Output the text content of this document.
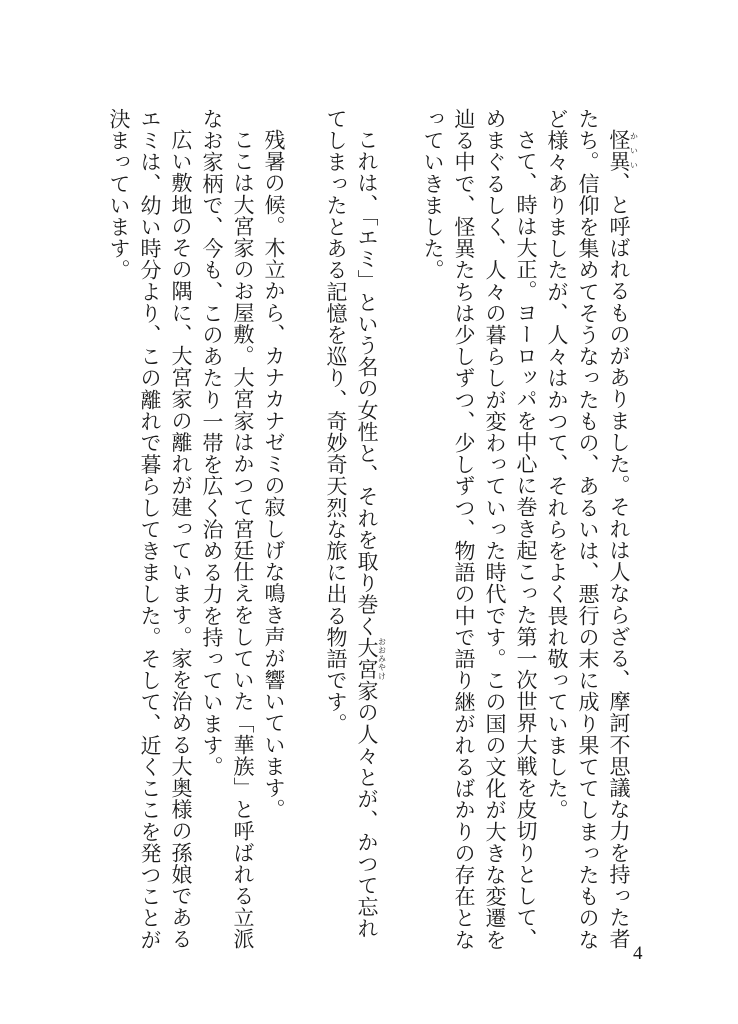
怪異かいい、と呼ばれるものがありました。それは人ならざる、摩訶不思議な力を持った者たち。信仰を集めてそうなったもの、あるいは、悪行の末に成り果ててしまったものなど様々ありましたが、人々はかつて、それらをよく畏れ敬っていました。

さて、時は大正。ヨーロッパを中心に巻き起こった第一次世界大戦を皮切りとして、めまぐるしく、人々の暮らしが変わっていった時代です。この国の文化が大きな変遷を辿る中で、怪異たちは少しずつ、少しずつ、物語の中で語り継がれるばかりの存在となっていきました。

これは、「エミ」という名の女性と、それを取り巻く大宮おおみやけ家の人々とが、かつて忘れてしまったとある記憶を巡り、奇妙奇天烈な旅に出る物語です。

残暑の候。木立から、カナカナゼミの寂しげな鳴き声が響いています。

ここは大宮家のお屋敷。大宮家はかつて宮廷仕えをしていた「華族」と呼ばれる立派なお家柄で、今も、このあたり一帯を広く治める力を持っています。

広い敷地のその隅に、大宮家の離れが建っています。家を治める大奥様の孫娘であるエミは、幼い時分より、この離れで暮らしてきました。そして、近くここを発つことが決まっています。

4
